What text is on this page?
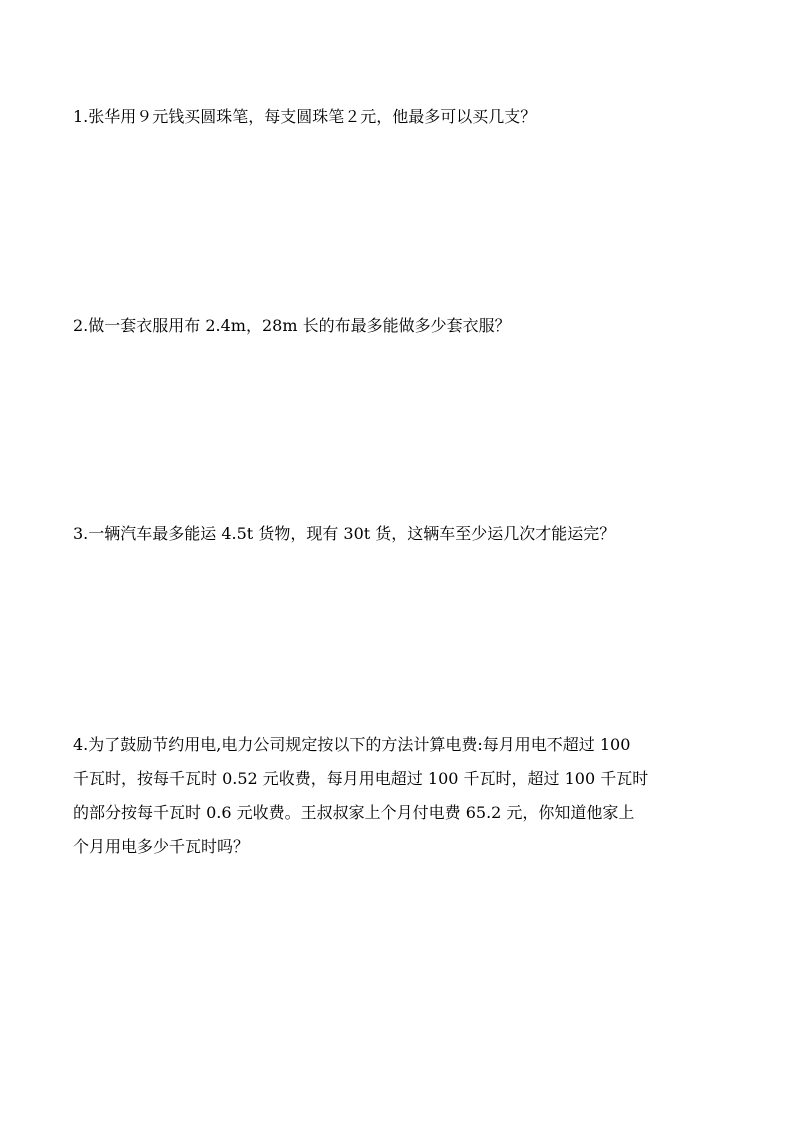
1.张华用９元钱买圆珠笔，每支圆珠笔２元，他最多可以买几支？

2.做一套衣服用布 2.4m，28m 长的布最多能做多少套衣服？

3.一辆汽车最多能运 4.5t 货物，现有 30t 货，这辆车至少运几次才能运完？

4.为了鼓励节约用电,电力公司规定按以下的方法计算电费:每月用电不超过 100
千瓦时，按每千瓦时 0.52 元收费，每月用电超过 100 千瓦时，超过 100 千瓦时
的部分按每千瓦时 0.6 元收费。王叔叔家上个月付电费 65.2 元，你知道他家上
个月用电多少千瓦时吗？
